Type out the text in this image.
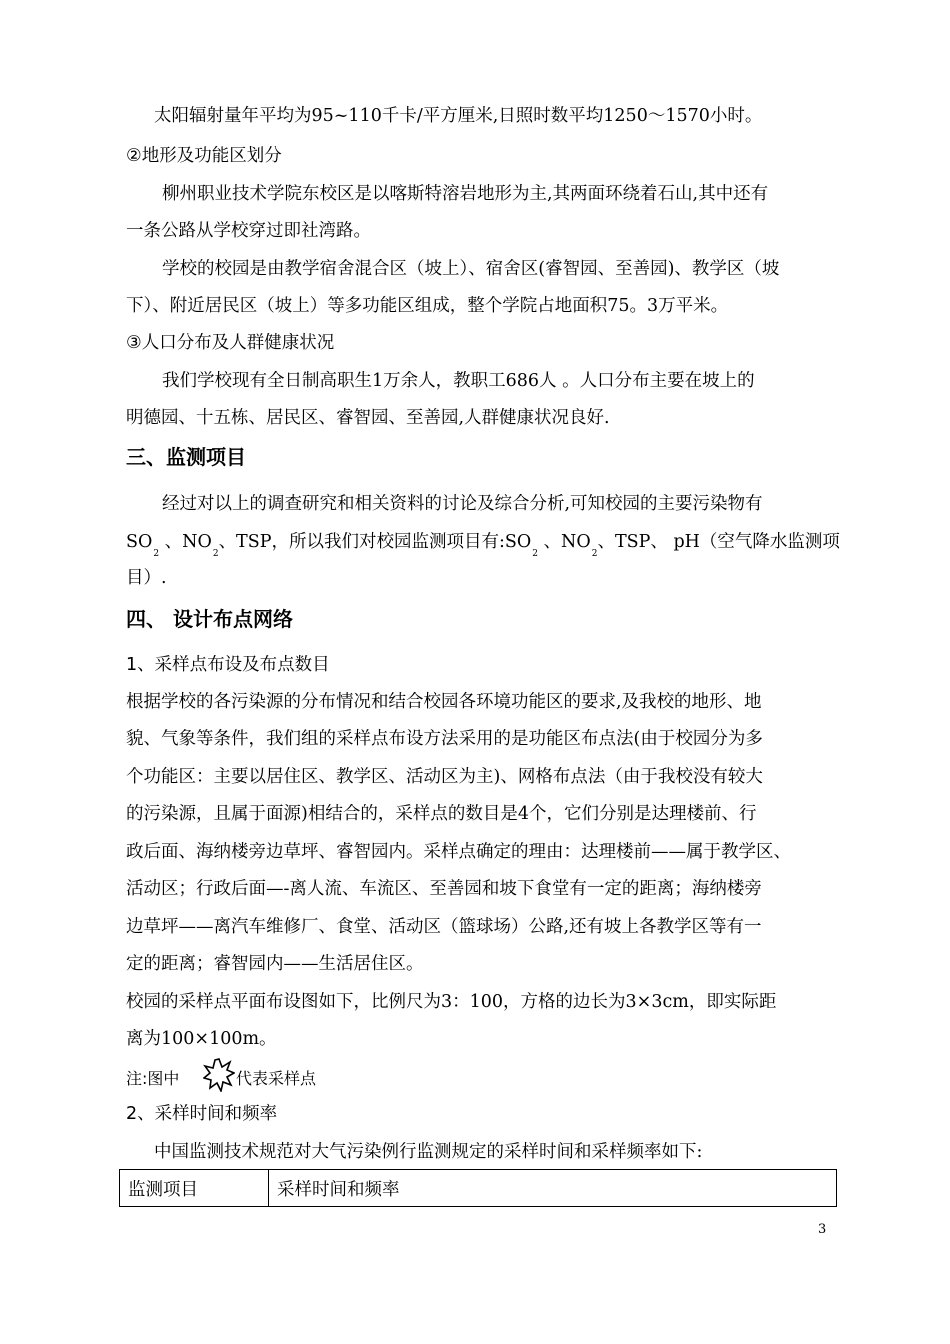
太阳辐射量年平均为95~110千卡/平方厘米,日照时数平均1250～1570小时。
②地形及功能区划分
柳州职业技术学院东校区是以喀斯特溶岩地形为主,其两面环绕着石山,其中还有
一条公路从学校穿过即社湾路。
学校的校园是由教学宿舍混合区（坡上）、宿舍区(睿智园、至善园)、教学区（坡
下）、附近居民区（坡上）等多功能区组成，整个学院占地面积75。3万平米。
③人口分布及人群健康状况
我们学校现有全日制高职生1万余人，教职工686人 。人口分布主要在坡上的
明德园、十五栋、居民区、睿智园、至善园,人群健康状况良好.
三、监测项目
经过对以上的调查研究和相关资料的讨论及综合分析,可知校园的主要污染物有
$SO_2$ 、$NO_2$、TSP，所以我们对校园监测项目有$:SO_2$ 、$NO_2$、TSP、 pH（空气降水监测项
目）.
四、 设计布点网络
1、采样点布设及布点数目
根据学校的各污染源的分布情况和结合校园各环境功能区的要求,及我校的地形、地
貌、气象等条件，我们组的采样点布设方法采用的是功能区布点法(由于校园分为多
个功能区：主要以居住区、教学区、活动区为主)、网格布点法（由于我校没有较大
的污染源，且属于面源)相结合的，采样点的数目是4个，它们分别是达理楼前、行
政后面、海纳楼旁边草坪、睿智园内。采样点确定的理由：达理楼前——属于教学区、
活动区；行政后面—-离人流、车流区、至善园和坡下食堂有一定的距离；海纳楼旁
边草坪——离汽车维修厂、食堂、活动区（篮球场）公路,还有坡上各教学区等有一
定的距离；睿智园内——生活居住区。
校园的采样点平面布设图如下，比例尺为3：100，方格的边长为3×3cm，即实际距
离为100×100m。
注:图中	代表采样点
2、采样时间和频率
中国监测技术规范对大气污染例行监测规定的采样时间和采样频率如下:
监测项目	采样时间和频率
3
